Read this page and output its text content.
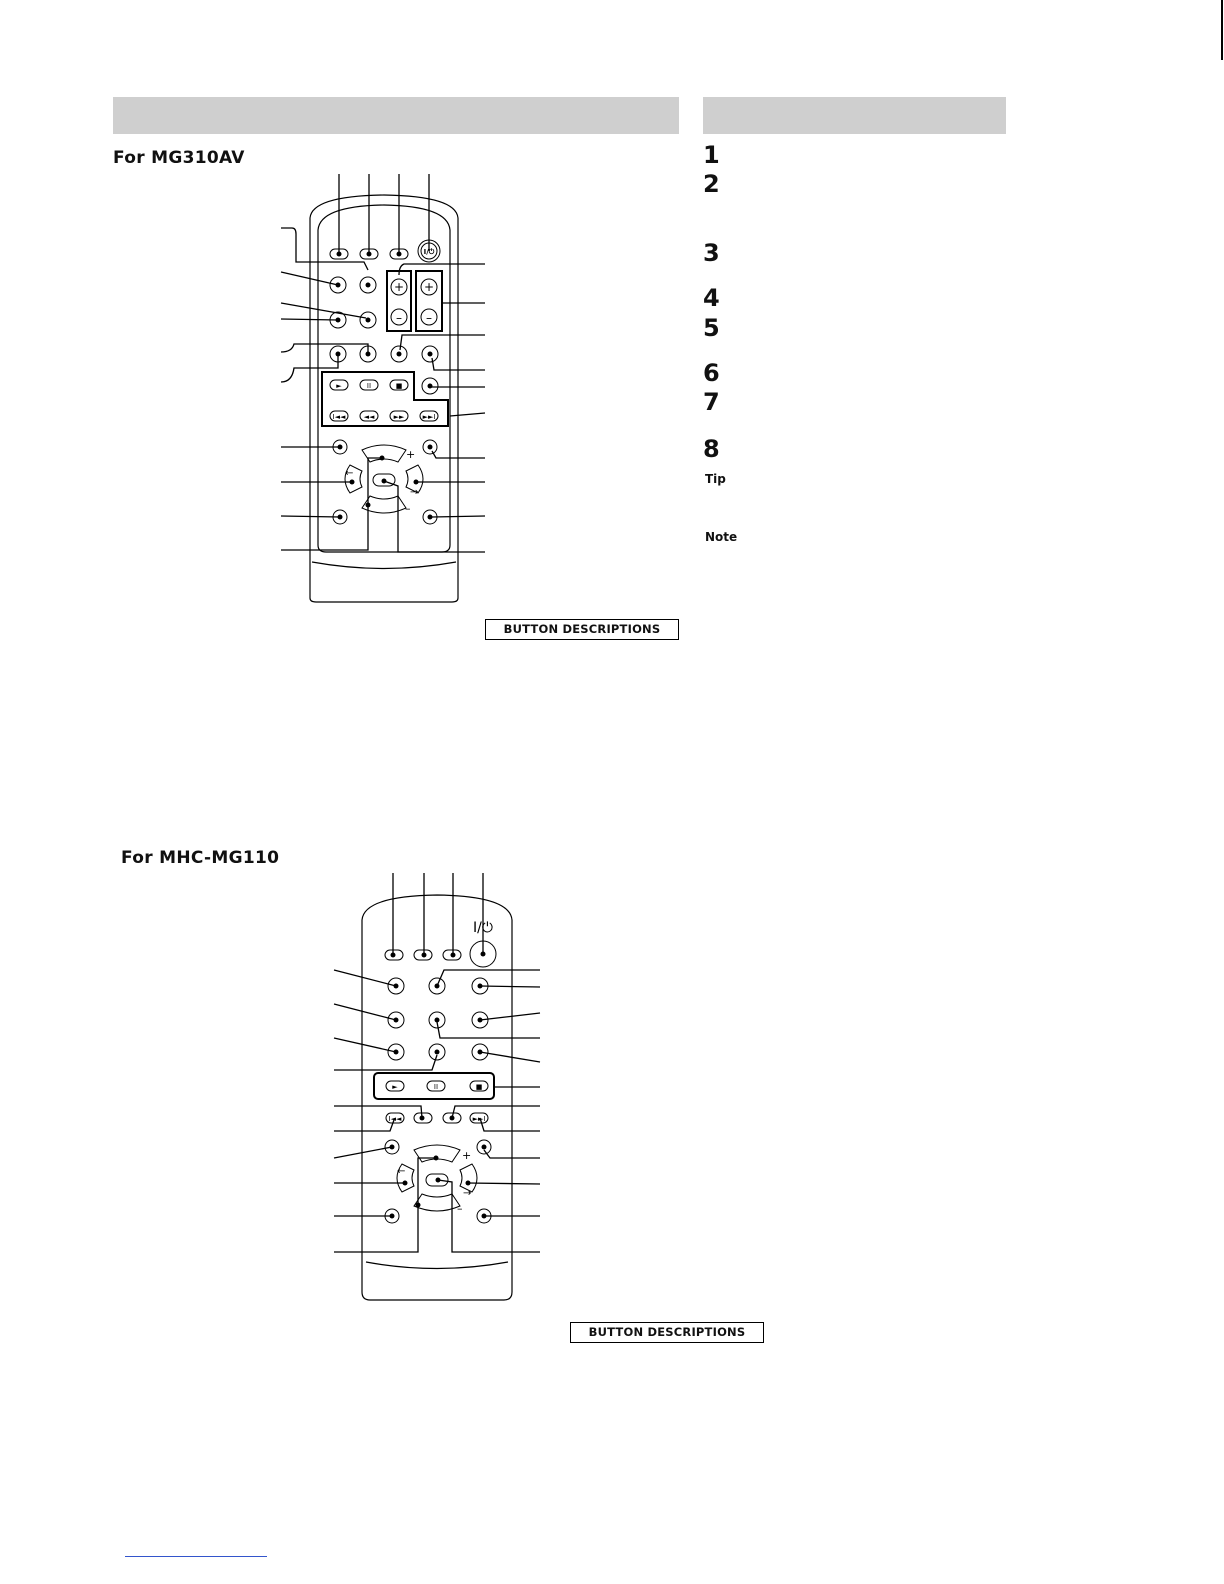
For MG310AV	1
2
3
4
5
6
7
8
Tip
Note
I/⏻
+
–
+
–
►	II	■
I◄◄	◄◄	►►	►►I
+
–
←
→
BUTTON DESCRIPTIONS
For MHC-MG110
I/⏻
►	II	■
I◄◄	►►I
+
–
←
→
BUTTON DESCRIPTIONS
